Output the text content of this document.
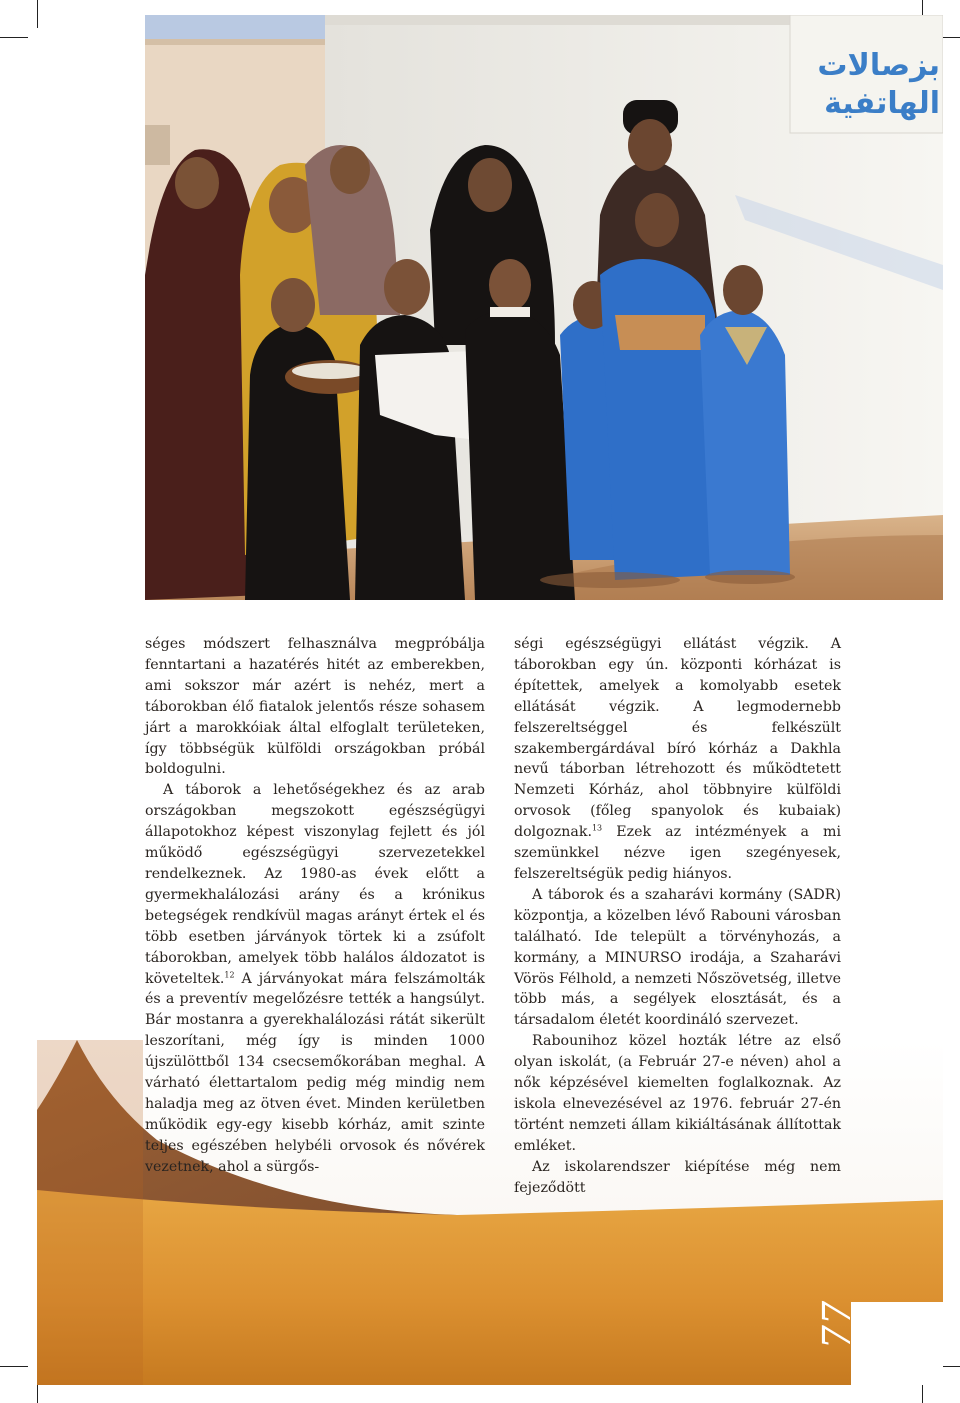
بزصالات
الهاتفية

séges módszert felhasználva megpróbálja fenntartani a hazatérés hitét az emberekben, ami sokszor már azért is nehéz, mert a táborokban élő fiatalok jelentős része sohasem járt a marokkóiak által elfoglalt területeken, így többségük külföldi országokban próbál boldogulni.

A táborok a lehetőségekhez és az arab országokban megszokott egészségügyi állapotokhoz képest viszonylag fejlett és jól működő egészségügyi szervezetekkel rendelkeznek. Az 1980-as évek előtt a gyermekhalálozási arány és a krónikus betegségek rendkívül magas arányt értek el és több esetben járványok törtek ki a zsúfolt táborokban, amelyek több halálos áldozatot is követeltek.$^{12}$ A járványokat mára felszámolták és a preventív megelőzésre tették a hangsúlyt. Bár mostanra a gyerekhalálozási rátát sikerült leszorítani, még így is minden 1000 újszülöttből 134 csecsemőkorában meghal. A várható élettartalom pedig még mindig nem haladja meg az ötven évet. Minden kerületben működik egy-egy kisebb kórház, amit szinte teljes egészében helybéli orvosok és nővérek vezetnek, ahol a sürgős-

ségi egészségügyi ellátást végzik. A táborokban egy ún. központi kórházat is építettek, amelyek a komolyabb esetek ellátását végzik. A legmodernebb felszereltséggel és felkészült szakembergárdával bíró kórház a Dakhla nevű táborban létrehozott és működtetett Nemzeti Kórház, ahol többnyire külföldi orvosok (főleg spanyolok és kubaiak) dolgoznak.$^{13}$ Ezek az intézmények a mi szemünkkel nézve igen szegényesek, felszereltségük pedig hiányos.

A táborok és a szaharávi kormány (SADR) központja, a közelben lévő Rabouni városban található. Ide települt a törvényhozás, a kormány, a MINURSO irodája, a Szaharávi Vörös Félhold, a nemzeti Nőszövetség, illetve több más, a segélyek elosztását, és a társadalom életét koordináló szervezet.

Rabounihoz közel hozták létre az első olyan iskolát, (a Február 27-e néven) ahol a nők képzésével kiemelten foglalkoznak. Az iskola elnevezésével az 1976. február 27-én történt nemzeti állam kikiáltásának állítottak emléket.

Az iskolarendszer kiépítése még nem fejeződött

77
